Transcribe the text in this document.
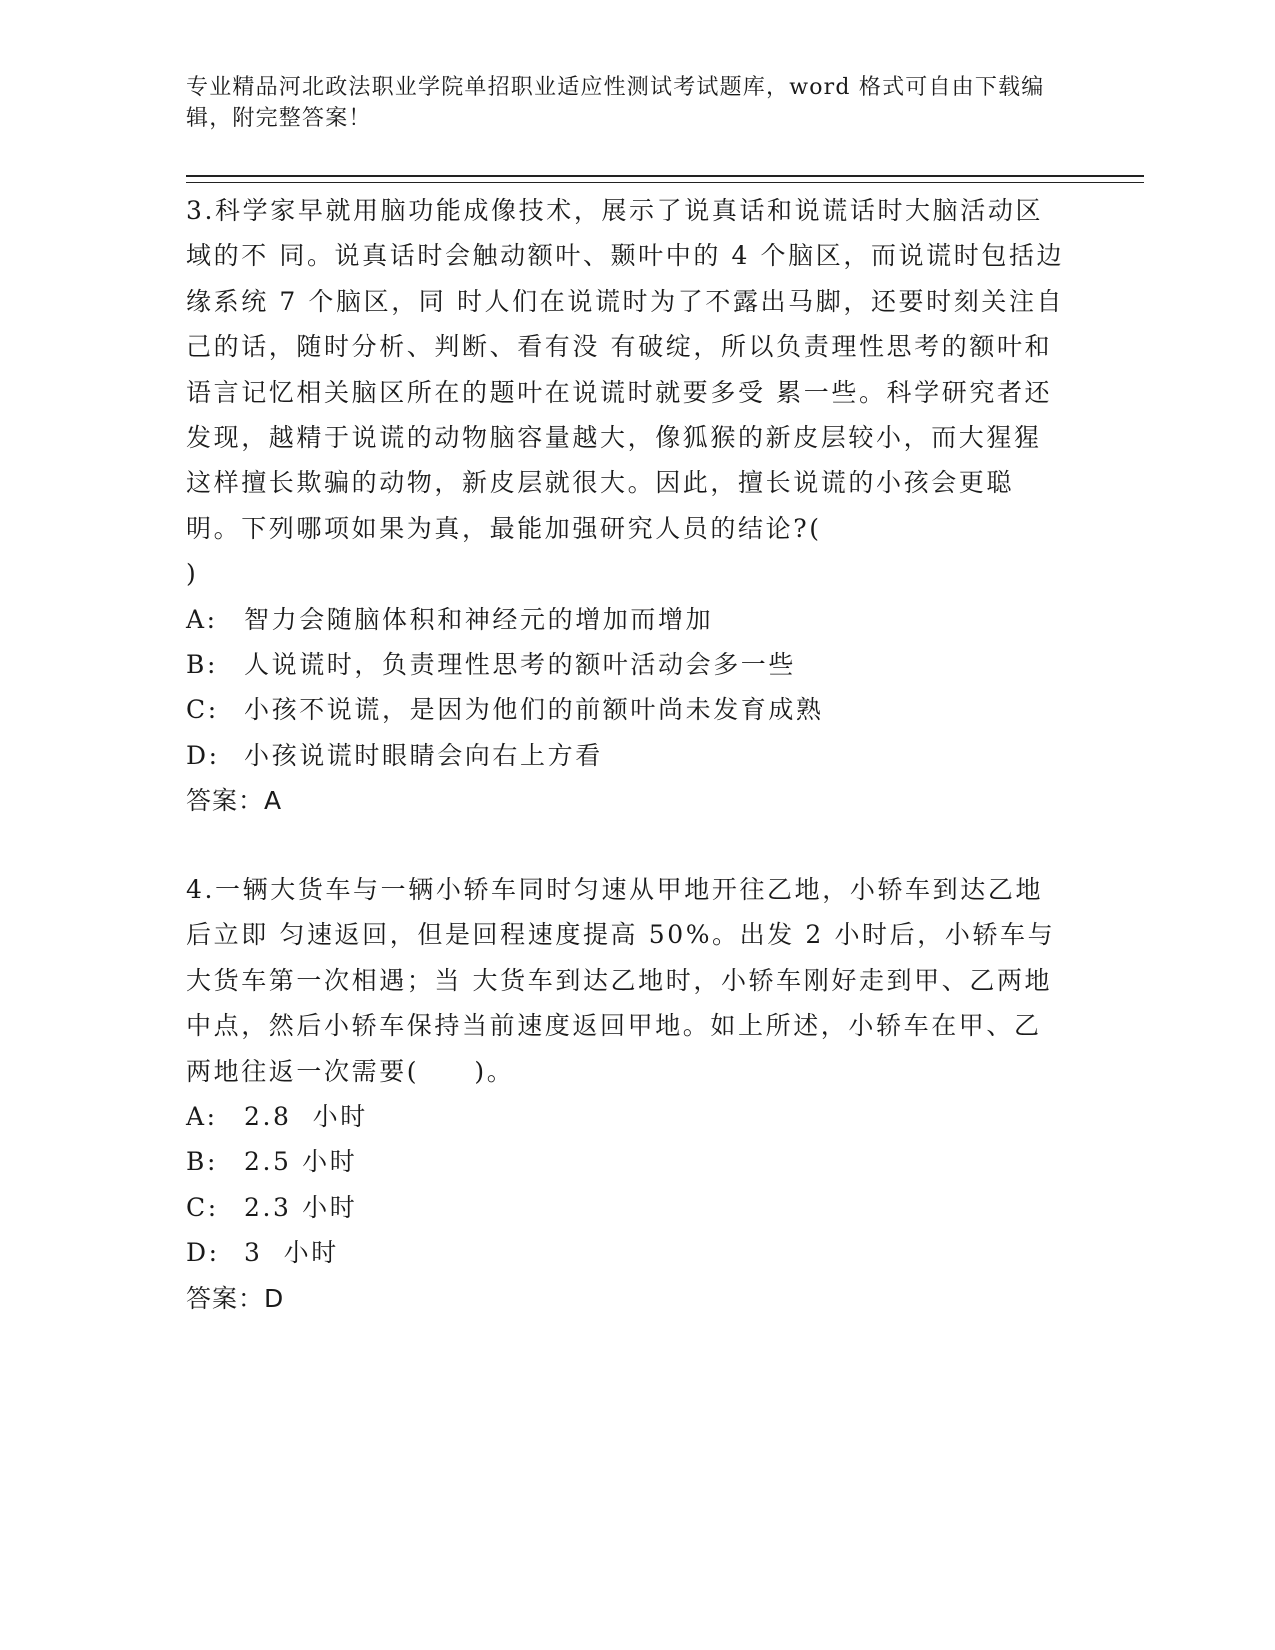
专业精品河北政法职业学院单招职业适应性测试考试题库，word 格式可自由下载编辑，附完整答案！

3.科学家早就用脑功能成像技术，展示了说真话和说谎话时大脑活动区域的不 同。说真话时会触动额叶、颞叶中的 4 个脑区，而说谎时包括边缘系统 7 个脑区，同 时人们在说谎时为了不露出马脚，还要时刻关注自己的话，随时分析、判断、看有没 有破绽，所以负责理性思考的额叶和语言记忆相关脑区所在的题叶在说谎时就要多受 累一些。科学研究者还发现，越精于说谎的动物脑容量越大，像狐猴的新皮层较小，而大猩猩这样擅长欺骗的动物，新皮层就很大。因此，擅长说谎的小孩会更聪明。下列哪项如果为真，最能加强研究人员的结论?(
)

A:	智力会随脑体积和神经元的增加而增加
B:	人说谎时，负责理性思考的额叶活动会多一些
C:	小孩不说谎，是因为他们的前额叶尚未发育成熟
D: 小孩说谎时眼睛会向右上方看
答案：A

4.一辆大货车与一辆小轿车同时匀速从甲地开往乙地，小轿车到达乙地后立即 匀速返回，但是回程速度提高 50%。出发 2 小时后，小轿车与大货车第一次相遇；当 大货车到达乙地时，小轿车刚好走到甲、乙两地中点，然后小轿车保持当前速度返回甲地。如上所述，小轿车在甲、乙两地往返一次需要(　　)。

A:	2.8  小时
B:	2.5 小时
C:	2.3 小时
D: 3  小时
答案：D
